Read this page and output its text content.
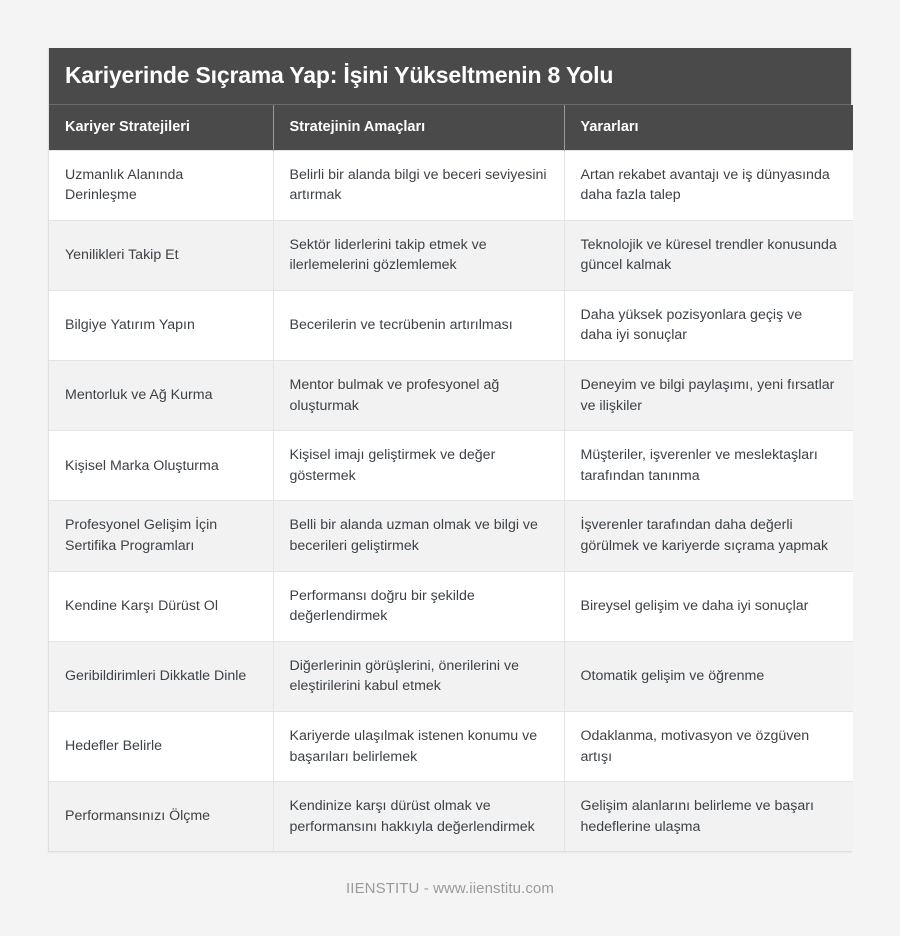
Kariyerinde Sıçrama Yap: İşini Yükseltmenin 8 Yolu
Kariyer Stratejileri	Stratejinin Amaçları	Yararları
Uzmanlık Alanında Derinleşme	Belirli bir alanda bilgi ve beceri seviyesini artırmak	Artan rekabet avantajı ve iş dünyasında daha fazla talep
Yenilikleri Takip Et	Sektör liderlerini takip etmek ve ilerlemelerini gözlemlemek	Teknolojik ve küresel trendler konusunda güncel kalmak
Bilgiye Yatırım Yapın	Becerilerin ve tecrübenin artırılması	Daha yüksek pozisyonlara geçiş ve daha iyi sonuçlar
Mentorluk ve Ağ Kurma	Mentor bulmak ve profesyonel ağ oluşturmak	Deneyim ve bilgi paylaşımı, yeni fırsatlar ve ilişkiler
Kişisel Marka Oluşturma	Kişisel imajı geliştirmek ve değer göstermek	Müşteriler, işverenler ve meslektaşları tarafından tanınma
Profesyonel Gelişim İçin Sertifika Programları	Belli bir alanda uzman olmak ve bilgi ve becerileri geliştirmek	İşverenler tarafından daha değerli görülmek ve kariyerde sıçrama yapmak
Kendine Karşı Dürüst Ol	Performansı doğru bir şekilde değerlendirmek	Bireysel gelişim ve daha iyi sonuçlar
Geribildirimleri Dikkatle Dinle	Diğerlerinin görüşlerini, önerilerini ve eleştirilerini kabul etmek	Otomatik gelişim ve öğrenme
Hedefler Belirle	Kariyerde ulaşılmak istenen konumu ve başarıları belirlemek	Odaklanma, motivasyon ve özgüven artışı
Performansınızı Ölçme	Kendinize karşı dürüst olmak ve performansını hakkıyla değerlendirmek	Gelişim alanlarını belirleme ve başarı hedeflerine ulaşma
IIENSTITU - www.iienstitu.com
